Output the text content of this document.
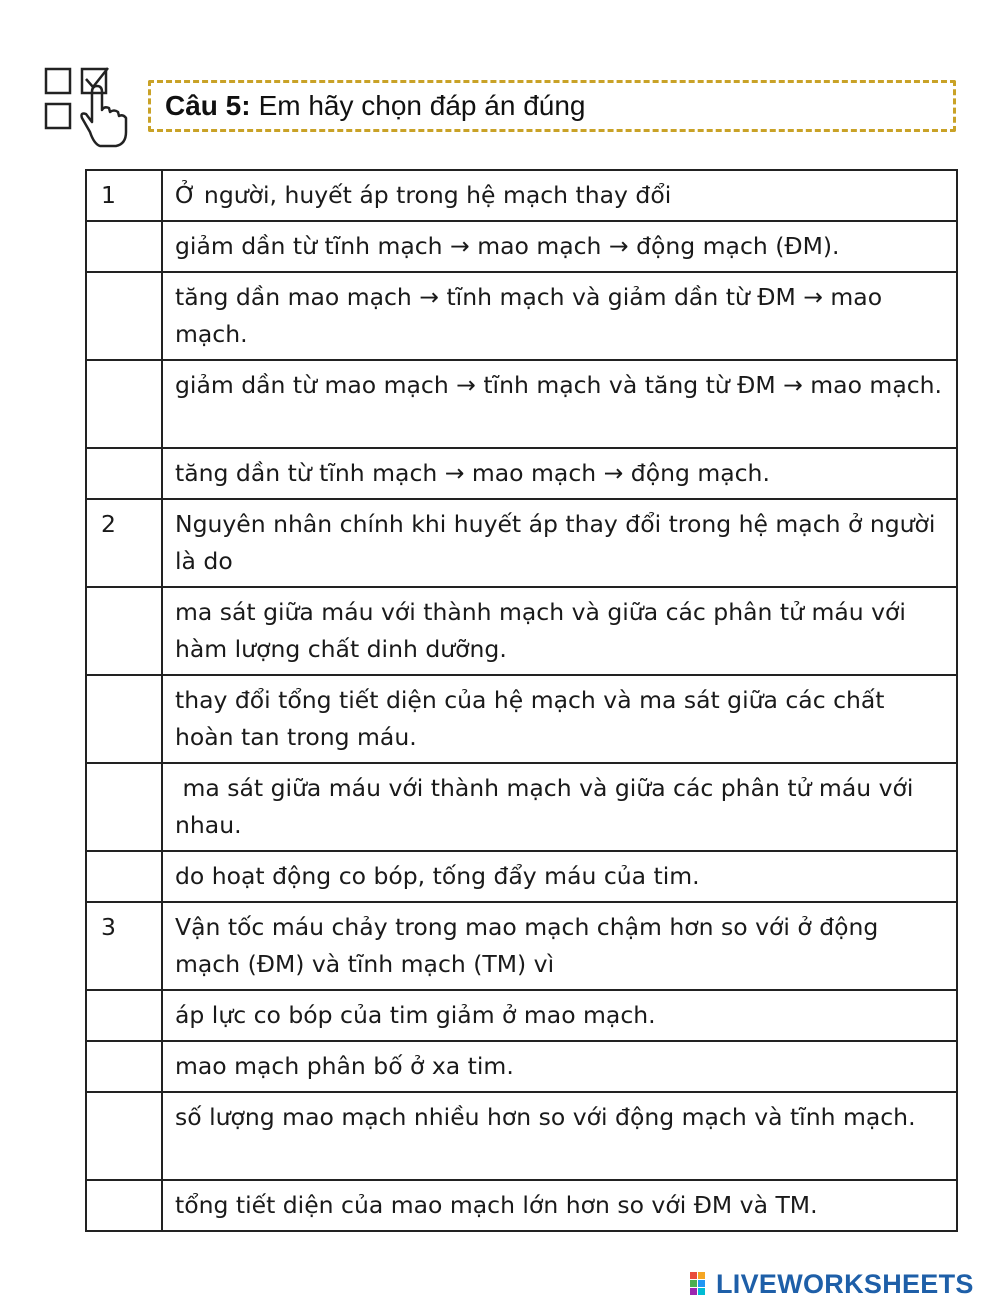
Câu 5: Em hãy chọn đáp án đúng
1	Ở người, huyết áp trong hệ mạch thay đổi
	giảm dần từ tĩnh mạch → mao mạch → động mạch (ĐM).
	tăng dần mao mạch → tĩnh mạch và giảm dần từ ĐM → mao mạch.
	giảm dần từ mao mạch → tĩnh mạch và tăng từ ĐM → mao mạch.
	tăng dần từ tĩnh mạch → mao mạch → động mạch.
2	Nguyên nhân chính khi huyết áp thay đổi trong hệ mạch ở người là do
	ma sát giữa máu với thành mạch và giữa các phân tử máu với hàm lượng chất dinh dưỡng.
	thay đổi tổng tiết diện của hệ mạch và ma sát giữa các chất hoàn tan trong máu.
	ma sát giữa máu với thành mạch và giữa các phân tử máu với nhau.
	do hoạt động co bóp, tống đẩy máu của tim.
3	Vận tốc máu chảy trong mao mạch chậm hơn so với ở động mạch (ĐM) và tĩnh mạch (TM) vì
	áp lực co bóp của tim giảm ở mao mạch.
	mao mạch phân bố ở xa tim.
	số lượng mao mạch nhiều hơn so với động mạch và tĩnh mạch.
	tổng tiết diện của mao mạch lớn hơn so với ĐM và TM.
LIVEWORKSHEETS
